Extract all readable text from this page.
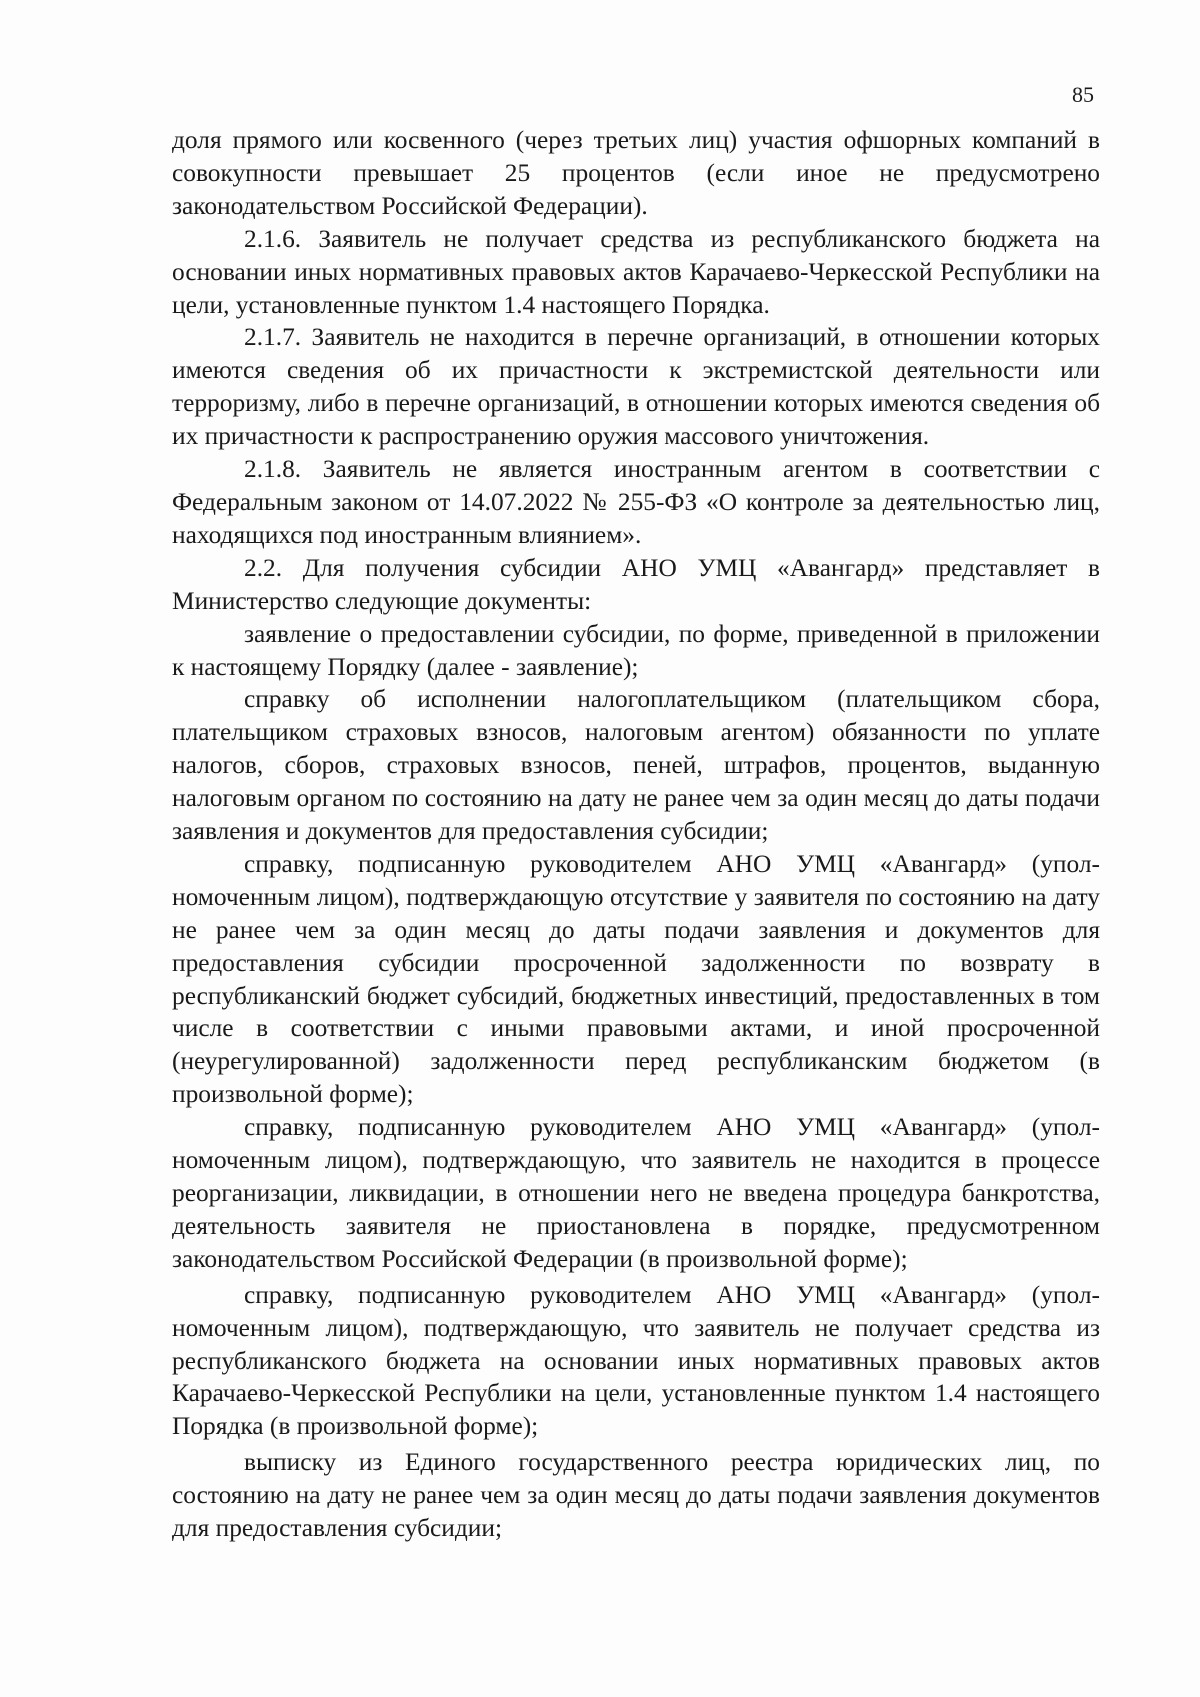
85

доля прямого или косвенного (через третьих лиц) участия офшорных компаний в совокупности превышает 25 процентов (если иное не предусмотрено законодательством Российской Федерации).

2.1.6. Заявитель не получает средства из республиканского бюджета на основании иных нормативных правовых актов Карачаево-Черкесской Республики на цели, установленные пунктом 1.4 настоящего Порядка.

2.1.7. Заявитель не находится в перечне организаций, в отношении которых имеются сведения об их причастности к экстремистской деятельности или терроризму, либо в перечне организаций, в отношении которых имеются сведения об их причастности к распространению оружия массового уничтожения.

2.1.8. Заявитель не является иностранным агентом в соответствии с Федеральным законом от 14.07.2022 № 255-ФЗ «О контроле за деятельностью лиц, находящихся под иностранным влиянием».

2.2. Для получения субсидии АНО УМЦ «Авангард» представляет в Министерство следующие документы:

заявление о предоставлении субсидии, по форме, приведенной в приложении к настоящему Порядку (далее - заявление);

справку об исполнении налогоплательщиком (плательщиком сбора, плательщиком страховых взносов, налоговым агентом) обязанности по уплате налогов, сборов, страховых взносов, пеней, штрафов, процентов, выданную налоговым органом по состоянию на дату не ранее чем за один месяц до даты подачи заявления и документов для предоставления субсидии;

справку, подписанную руководителем АНО УМЦ «Авангард» (уполномоченным лицом), подтверждающую отсутствие у заявителя по состоянию на дату не ранее чем за один месяц до даты подачи заявления и документов для предоставления субсидии просроченной задолженности по возврату в республиканский бюджет субсидий, бюджетных инвестиций, предоставленных в том числе в соответствии с иными правовыми актами, и иной просроченной (неурегулированной) задолженности перед республиканским бюджетом (в произвольной форме);

справку, подписанную руководителем АНО УМЦ «Авангард» (уполномоченным лицом), подтверждающую, что заявитель не находится в процессе реорганизации, ликвидации, в отношении него не введена процедура банкротства, деятельность заявителя не приостановлена в порядке, предусмотренном законодательством Российской Федерации (в произвольной форме);

справку, подписанную руководителем АНО УМЦ «Авангард» (уполномоченным лицом), подтверждающую, что заявитель не получает средства из республиканского бюджета на основании иных нормативных правовых актов Карачаево-Черкесской Республики на цели, установленные пунктом 1.4 настоящего Порядка (в произвольной форме);

выписку из Единого государственного реестра юридических лиц, по состоянию на дату не ранее чем за один месяц до даты подачи заявления документов для предоставления субсидии;
